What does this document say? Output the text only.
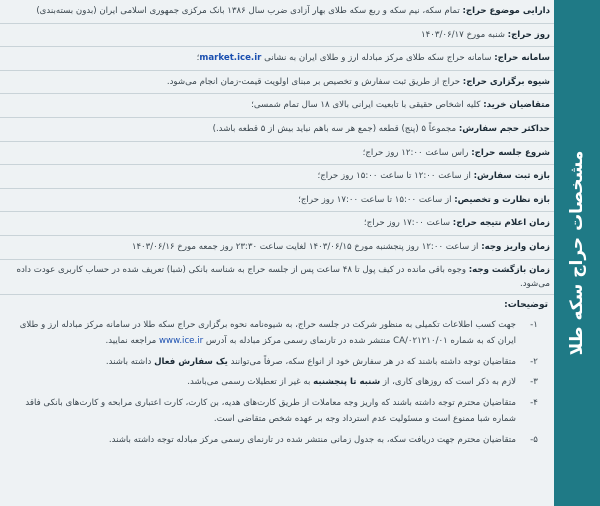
دارایی موضوع حراج: تمام سکه، نیم سکه و ربع سکه طلای بهار آزادی ضرب سال ۱۳۸۶ بانک مرکزی جمهوری اسلامی ایران (بدون بسته‌بندی)
روز حراج: شنبه مورخ ۱۴۰۳/۰۶/۱۷
سامانه حراج: سامانه حراج سکه طلای مرکز مبادله ارز و طلای ایران به نشانی market.ice.ir؛
شیوه برگزاری حراج: حراج از طریق ثبت سفارش و تخصیص بر مبنای اولویت قیمت-زمان انجام می‌شود.
متقاضیان خرید: کلیه اشخاص حقیقی با تابعیت ایرانی بالای ۱۸ سال تمام شمسی؛
حداکثر حجم سفارش: مجموعاً ۵ (پنج) قطعه (جمع هر سه باهم نباید بیش از ۵ قطعه باشد.)
شروع جلسه حراج: راس ساعت ۱۲:۰۰ روز حراج؛
بازه ثبت سفارش: از ساعت ۱۲:۰۰ تا ساعت ۱۵:۰۰ روز حراج؛
بازه نظارت و تخصیص: از ساعت ۱۵:۰۰ تا ساعت ۱۷:۰۰ روز حراج؛
زمان اعلام نتیجه حراج: ساعت ۱۷:۰۰ روز حراج؛
زمان واریز وجه: از ساعت ۱۲:۰۰ روز پنجشنبه مورخ ۱۴۰۳/۰۶/۱۵ لغایت ساعت ۲۳:۳۰ روز جمعه مورخ ۱۴۰۳/۰۶/۱۶
زمان بازگشت وجه: وجوه باقی مانده در کیف پول تا ۴۸ ساعت پس از جلسه حراج به شناسه بانکی (شبا) تعریف شده در حساب کاربری عودت داده می‌شود.
توضیحات:
۱-
جهت کسب اطلاعات تکمیلی به منظور شرکت در جلسه حراج، به شیوه‌نامه نحوه برگزاری حراج سکه طلا در سامانه مرکز مبادله ارز و طلای ایران که به شماره CA/۰۲۱۲۱۰/۰۱ منتشر شده در تارنمای رسمی مرکز مبادله به آدرس www.ice.ir مراجعه نمایید.
۲-
متقاضیان توجه داشته باشند که در هر سفارش خود از انواع سکه، صرفاً می‌توانند یک سفارش فعال داشته باشند.
۳-
لازم به ذکر است که روزهای کاری، از شنبه تا پنجشنبه به غیر از تعطیلات رسمی می‌باشد.
۴-
متقاضیان محترم توجه داشته باشند که واریز وجه معاملات از طریق کارت‌های هدیه، بن کارت، کارت اعتباری مرابحه و کارت‌های بانکی فاقد شماره شبا ممنوع است و مسئولیت عدم استرداد وجه بر عهده شخص متقاضی است.
۵-
متقاضیان محترم جهت دریافت سکه، به جدول زمانی منتشر شده در تارنمای رسمی مرکز مبادله توجه داشته باشند.
مشخصات حراج سکه طلا
